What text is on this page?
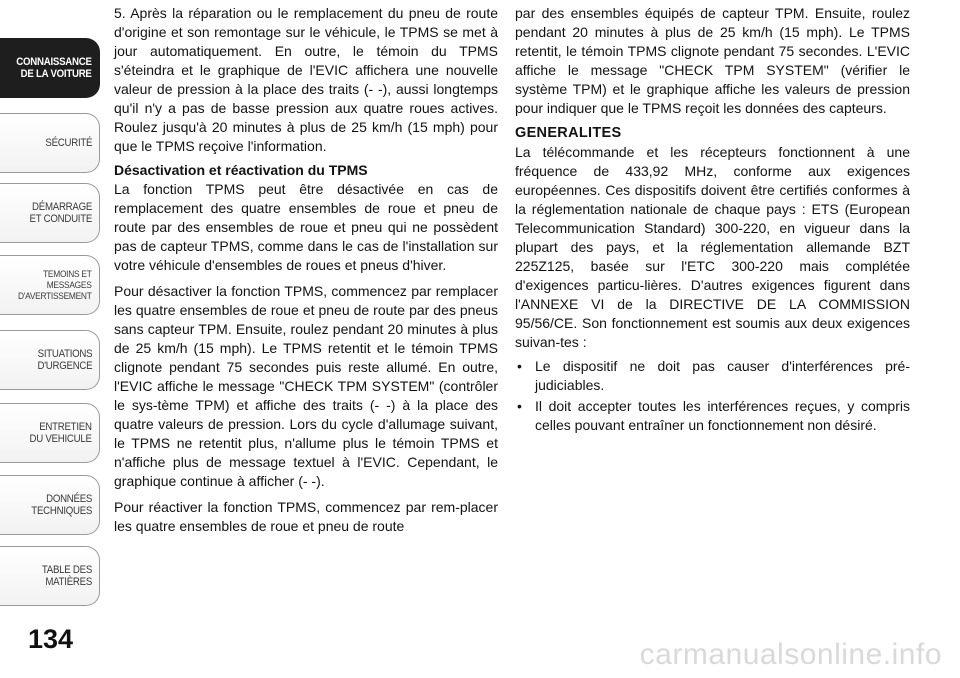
CONNAISSANCE
DE LA VOITURE
SÉCURITÉ
DÉMARRAGE
ET CONDUITE
TEMOINS ET
MESSAGES
D'AVERTISSEMENT
SITUATIONS
D'URGENCE
ENTRETIEN
DU VEHICULE
DONNÉES
TECHNIQUES
TABLE DES
MATIÈRES
134

5. Après la réparation ou le remplacement du pneu de route d'origine et son remontage sur le véhicule, le TPMS se met à jour automatiquement. En outre, le témoin du TPMS s'éteindra et le graphique de l'EVIC affichera une nouvelle valeur de pression à la place des traits (- -), aussi longtemps qu'il n'y a pas de basse pression aux quatre roues actives. Roulez jusqu'à 20 minutes à plus de 25 km/h (15 mph) pour que le TPMS reçoive l'information.

Désactivation et réactivation du TPMS

La fonction TPMS peut être désactivée en cas de remplacement des quatre ensembles de roue et pneu de route par des ensembles de roue et pneu qui ne possèdent pas de capteur TPMS, comme dans le cas de l'installation sur votre véhicule d'ensembles de roues et pneus d'hiver.

Pour désactiver la fonction TPMS, commencez par remplacer les quatre ensembles de roue et pneu de route par des pneus sans capteur TPM. Ensuite, roulez pendant 20 minutes à plus de 25 km/h (15 mph). Le TPMS retentit et le témoin TPMS clignote pendant 75 secondes puis reste allumé. En outre, l'EVIC affiche le message "CHECK TPM SYSTEM" (contrôler le sys-tème TPM) et affiche des traits (- -) à la place des quatre valeurs de pression. Lors du cycle d'allumage suivant, le TPMS ne retentit plus, n'allume plus le témoin TPMS et n'affiche plus de message textuel à l'EVIC. Cependant, le graphique continue à afficher (- -).

Pour réactiver la fonction TPMS, commencez par rem-placer les quatre ensembles de roue et pneu de route

par des ensembles équipés de capteur TPM. Ensuite, roulez pendant 20 minutes à plus de 25 km/h (15 mph). Le TPMS retentit, le témoin TPMS clignote pendant 75 secondes. L'EVIC affiche le message "CHECK TPM SYSTEM" (vérifier le système TPM) et le graphique affiche les valeurs de pression pour indiquer que le TPMS reçoit les données des capteurs.

GENERALITES

La télécommande et les récepteurs fonctionnent à une fréquence de 433,92 MHz, conforme aux exigences européennes. Ces dispositifs doivent être certifiés conformes à la réglementation nationale de chaque pays : ETS (European Telecommunication Standard) 300-220, en vigueur dans la plupart des pays, et la réglementation allemande BZT 225Z125, basée sur l'ETC 300-220 mais complétée d'exigences particu-lières. D'autres exigences figurent dans l'ANNEXE VI de la DIRECTIVE DE LA COMMISSION 95/56/CE. Son fonctionnement est soumis aux deux exigences suivan-tes :

• Le dispositif ne doit pas causer d'interférences pré-judiciables.
• Il doit accepter toutes les interférences reçues, y compris celles pouvant entraîner un fonctionnement non désiré.
carmanualsonline.info
